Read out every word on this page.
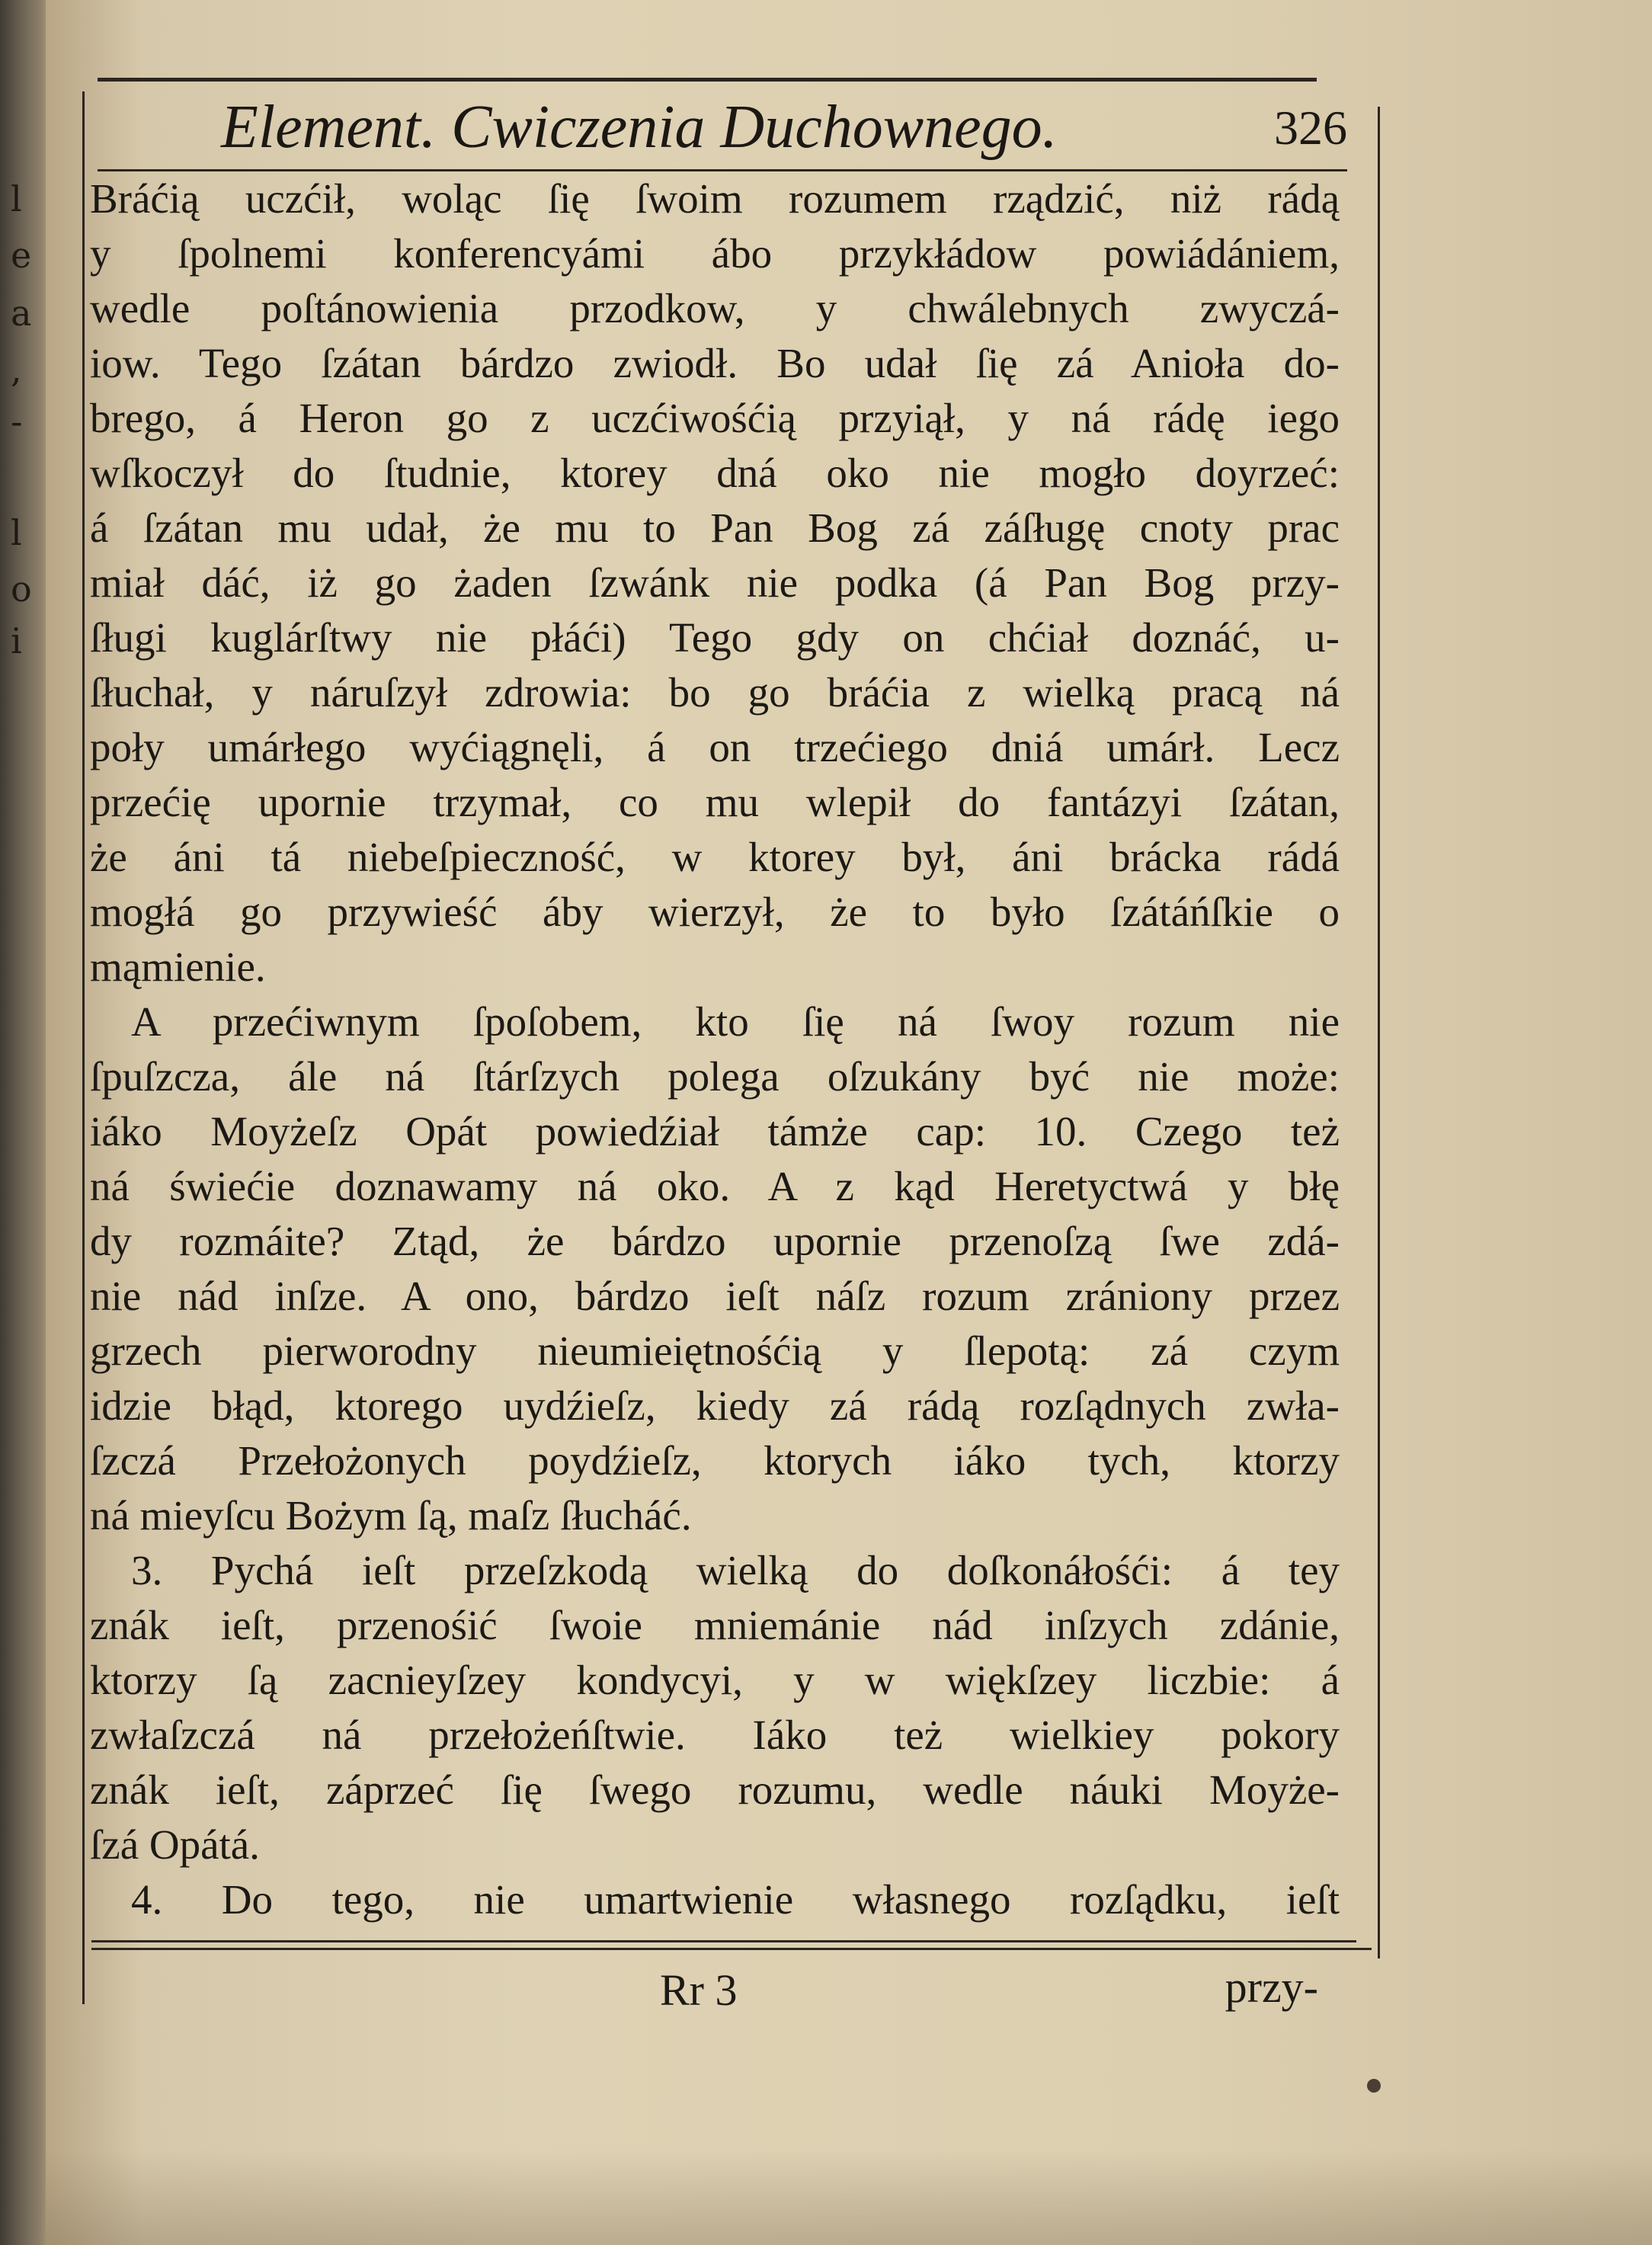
l
e
a
,
-
l
o
i
Element. Cwiczenia Duchownego.	326
Bráćią uczćił, woląc ſię ſwoim rozumem rządzić, niż rádą
y ſpolnemi konferencyámi ábo przykłádow powiádániem,
wedle poſtánowienia przodkow, y chwálebnych zwyczá-
iow. Tego ſzátan bárdzo zwiodł. Bo udał ſię zá Anioła do-
brego, á Heron go z uczćiwośćią przyiął, y ná rádę iego
wſkoczył do ſtudnie, ktorey dná oko nie mogło doyrzeć:
á ſzátan mu udał, że mu to Pan Bog zá záſługę cnoty prac
miał dáć, iż go żaden ſzwánk nie podka (á Pan Bog przy-
ſługi kuglárſtwy nie płáći) Tego gdy on chćiał doznáć, u-
ſłuchał, y náruſzył zdrowia: bo go bráćia z wielką pracą ná
poły umárłego wyćiągnęli, á on trzećiego dniá umárł. Lecz
przećię upornie trzymał, co mu wlepił do fantázyi ſzátan,
że áni tá niebeſpieczność, w ktorey był, áni brácka rádá
mogłá go przywieść áby wierzył, że to było ſzátáńſkie o
mąmienie.
A przećiwnym ſpoſobem, kto ſię ná ſwoy rozum nie
ſpuſzcza, ále ná ſtárſzych polega oſzukány być nie może:
iáko Moyżeſz Opát powiedźiał támże cap: 10. Czego też
ná świećie doznawamy ná oko. A z kąd Heretyctwá y błę
dy rozmáite? Ztąd, że bárdzo upornie przenoſzą ſwe zdá-
nie nád inſze. A ono, bárdzo ieſt náſz rozum zrániony przez
grzech pierworodny nieumieiętnośćią y ſlepotą: zá czym
idzie błąd, ktorego uydźieſz, kiedy zá rádą rozſądnych zwła-
ſzczá Przełożonych poydźieſz, ktorych iáko tych, ktorzy
ná mieyſcu Bożym ſą, maſz ſłucháć.
3. Pychá ieſt przeſzkodą wielką do doſkonáłośći: á tey
znák ieſt, przenośić ſwoie mniemánie nád inſzych zdánie,
ktorzy ſą zacnieyſzey kondycyi, y w więkſzey liczbie: á
zwłaſzczá ná przełożeńſtwie. Iáko też wielkiey pokory
znák ieſt, záprzeć ſię ſwego rozumu, wedle náuki Moyże-
ſzá Opátá.
4. Do tego, nie umartwienie własnego rozſądku, ieſt
Rr 3	przy-
